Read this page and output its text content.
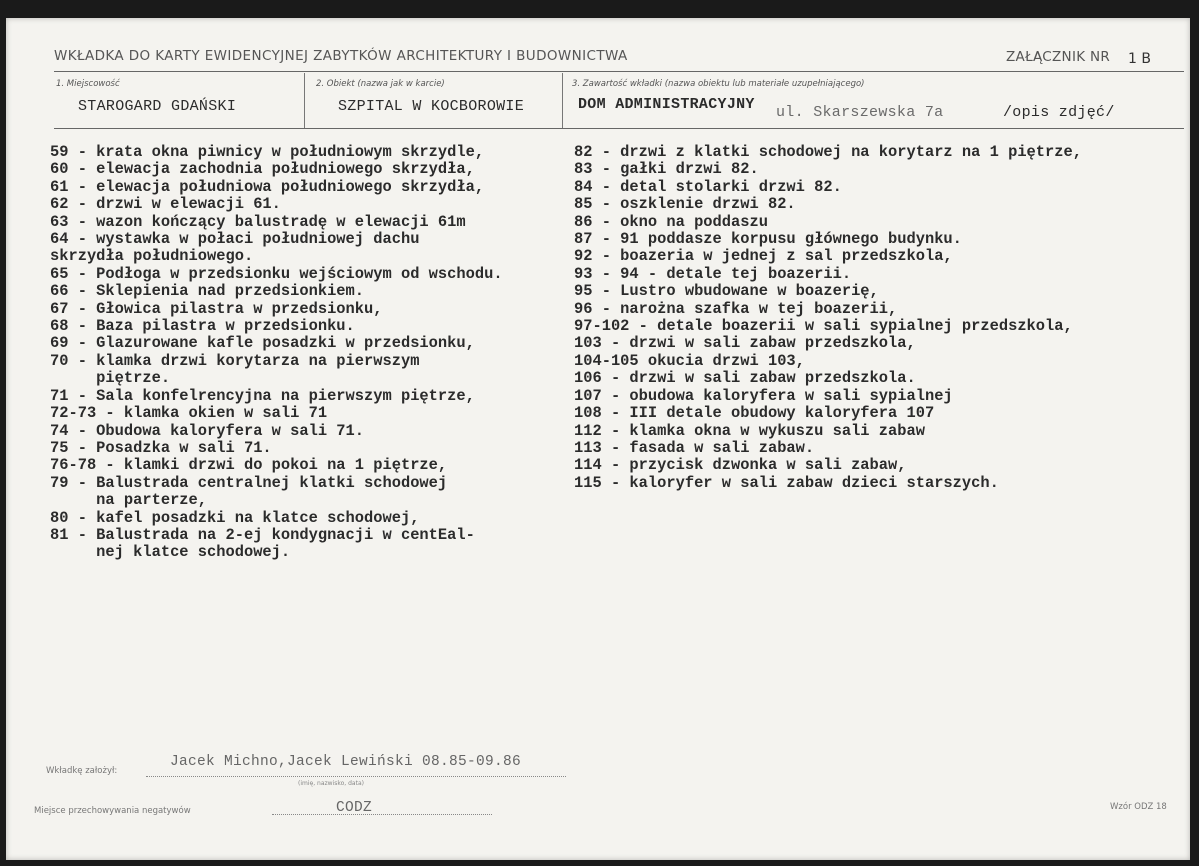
WKŁADKA DO KARTY EWIDENCYJNEJ ZABYTKÓW ARCHITEKTURY I BUDOWNICTWA	ZAŁĄCZNIK NR 1 B
1. Miejscowość
STAROGARD GDAŃSKI
2. Obiekt (nazwa jak w karcie)
SZPITAL W KOCBOROWIE
3. Zawartość wkładki (nazwa obiektu lub materiałe uzupełniającego)
DOM ADMINISTRACYJNY ul. Skarszewska 7a	/opis zdjęć/
59 - krata okna piwnicy w południowym skrzydle,
60 - elewacja zachodnia południowego skrzydła,
61 - elewacja południowa południowego skrzydła,
62 - drzwi w elewacji 61.
63 - wazon kończący balustradę w elewacji 61m
64 - wystawka w połaci południowej dachu
skrzydła południowego.
65 - Podłoga w przedsionku wejściowym od wschodu.
66 - Sklepienia nad przedsionkiem.
67 - Głowica pilastra w przedsionku,
68 - Baza pilastra w przedsionku.
69 - Glazurowane kafle posadzki w przedsionku,
70 - klamka drzwi korytarza na pierwszym
piętrze.
71 - Sala konfelrencyjna na pierwszym piętrze,
72-73 - klamka okien w sali 71
74 - Obudowa kaloryfera w sali 71.
75 - Posadzka w sali 71.
76-78 - klamki drzwi do pokoi na 1 piętrze,
79 - Balustrada centralnej klatki schodowej
na parterze,
80 - kafel posadzki na klatce schodowej,
81 - Balustrada na 2-ej kondygnacji w centEal-
nej klatce schodowej.
82 - drzwi z klatki schodowej na korytarz na 1 piętrze,
83 - gałki drzwi 82.
84 - detal stolarki drzwi 82.
85 - oszklenie drzwi 82.
86 - okno na poddaszu
87 - 91 poddasze korpusu głównego budynku.
92 - boazeria w jednej z sal przedszkola,
93 - 94 - detale tej boazerii.
95 - Lustro wbudowane w boazerię,
96 - narożna szafka w tej boazerii,
97-102 - detale boazerii w sali sypialnej przedszkola,
103 - drzwi w sali zabaw przedszkola,
104-105 okucia drzwi 103,
106 - drzwi w sali zabaw przedszkola.
107 - obudowa kaloryfera w sali sypialnej
108 - III detale obudowy kaloryfera 107
112 - klamka okna w wykuszu sali zabaw
113 - fasada w sali zabaw.
114 - przycisk dzwonka w sali zabaw,
115 - kaloryfer w sali zabaw dzieci starszych.
Wkładkę założył:
Jacek Michno,Jacek Lewiński 08.85-09.86
(imię, nazwisko, data)
Miejsce przechowywania negatywów	CODZ	Wzór ODZ 18
